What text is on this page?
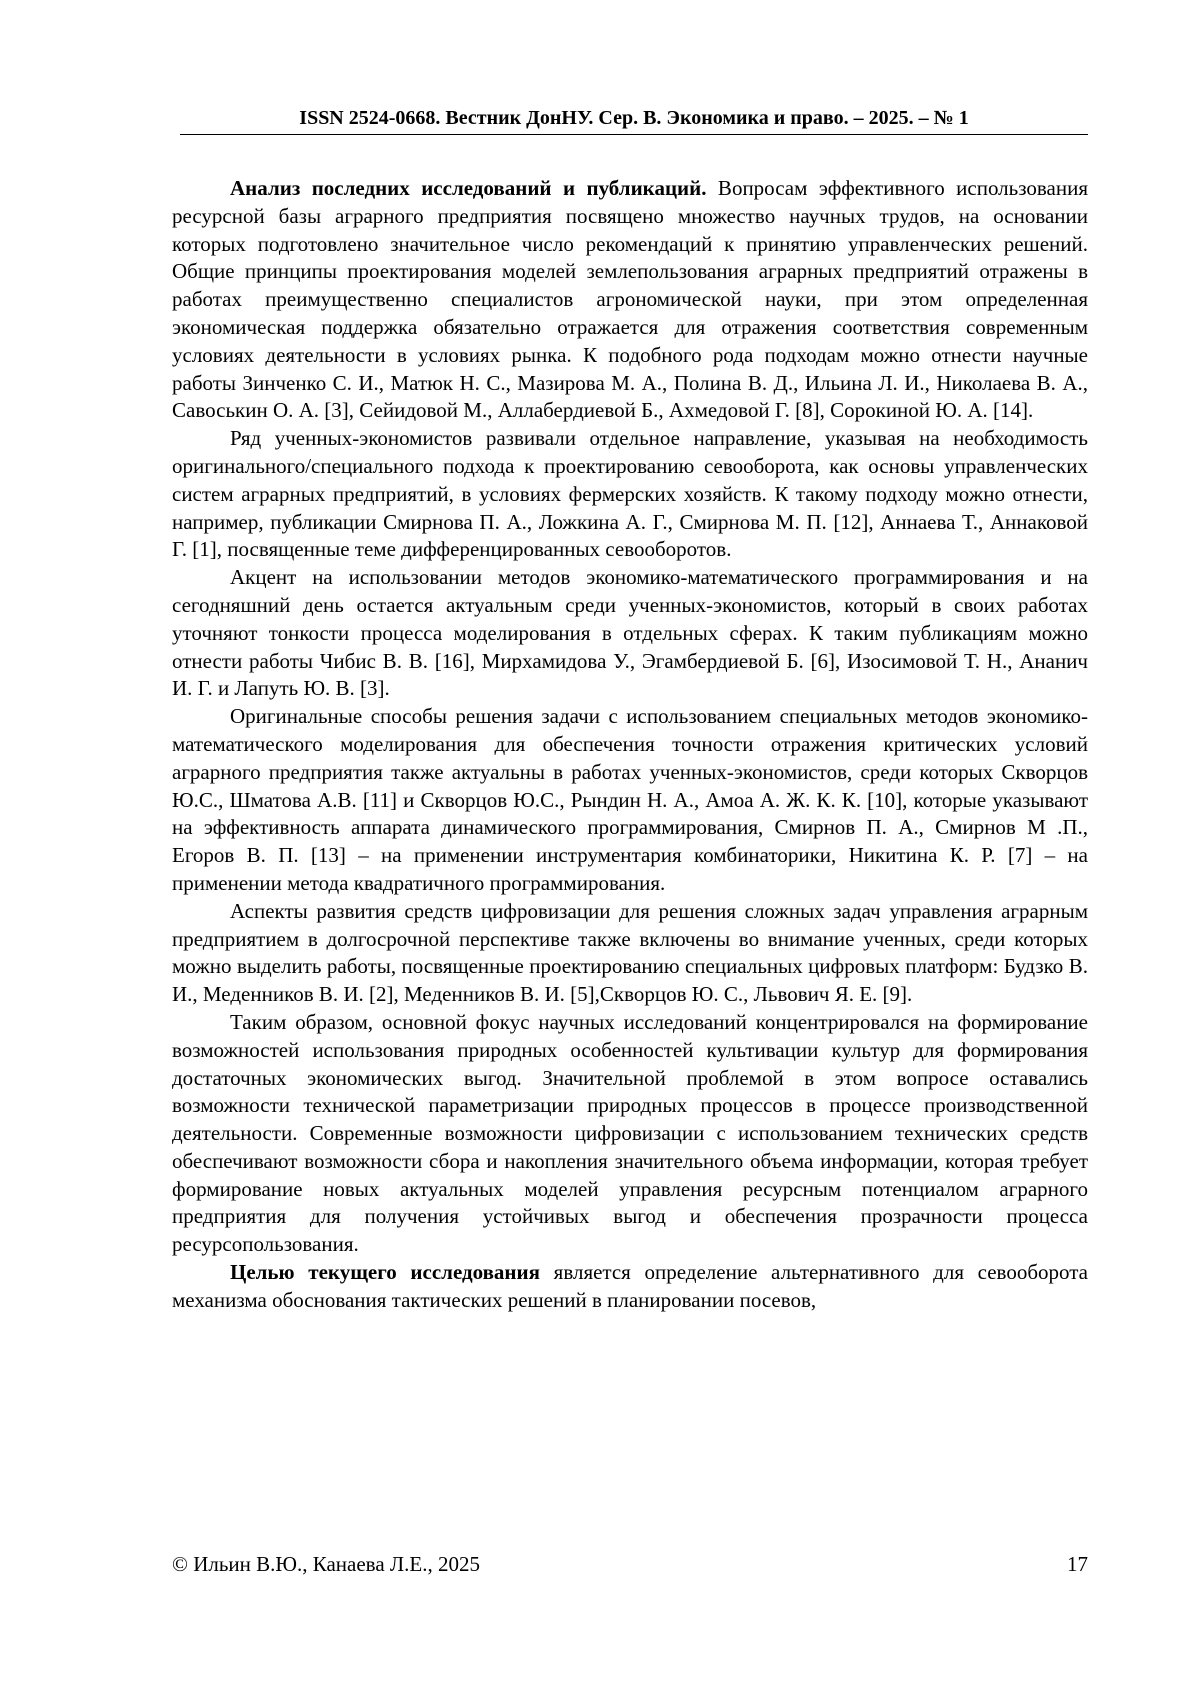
ISSN 2524-0668. Вестник ДонНУ. Сер. В. Экономика и право. – 2025. – № 1

Анализ последних исследований и публикаций. Вопросам эффективного использования ресурсной базы аграрного предприятия посвящено множество научных трудов, на основании которых подготовлено значительное число рекомендаций к принятию управленческих решений. Общие принципы проектирования моделей землепользования аграрных предприятий отражены в работах преимущественно специалистов агрономической науки, при этом определенная экономическая поддержка обязательно отражается для отражения соответствия современным условиях деятельности в условиях рынка. К подобного рода подходам можно отнести научные работы Зинченко С. И., Матюк Н. С., Мазирова М. А., Полина В. Д., Ильина Л. И., Николаева В. А., Савоськин О. А. [3], Сейидовой М., Аллабердиевой Б., Ахмедовой Г. [8], Сорокиной Ю. А. [14].

Ряд ученных-экономистов развивали отдельное направление, указывая на необходимость оригинального/специального подхода к проектированию севооборота, как основы управленческих систем аграрных предприятий, в условиях фермерских хозяйств. К такому подходу можно отнести, например, публикации Смирнова П. А., Ложкина А. Г., Смирнова М. П. [12], Аннаева Т., Аннаковой Г. [1], посвященные теме дифференцированных севооборотов.

Акцент на использовании методов экономико-математического программирования и на сегодняшний день остается актуальным среди ученных-экономистов, который в своих работах уточняют тонкости процесса моделирования в отдельных сферах. К таким публикациям можно отнести работы Чибис В. В. [16], Мирхамидова У., Эгамбердиевой Б. [6], Изосимовой Т. Н., Ананич И. Г. и Лапуть Ю. В. [3].

Оригинальные способы решения задачи с использованием специальных методов экономико-математического моделирования для обеспечения точности отражения критических условий аграрного предприятия также актуальны в работах ученных-экономистов, среди которых Скворцов Ю.С., Шматова А.В. [11] и Скворцов Ю.С., Рындин Н. А., Амоа А. Ж. К. К. [10], которые указывают на эффективность аппарата динамического программирования, Смирнов П. А., Смирнов М .П., Егоров В. П. [13] – на применении инструментария комбинаторики, Никитина К. Р. [7] – на применении метода квадратичного программирования.

Аспекты развития средств цифровизации для решения сложных задач управления аграрным предприятием в долгосрочной перспективе также включены во внимание ученных, среди которых можно выделить работы, посвященные проектированию специальных цифровых платформ: Будзко В. И., Меденников В. И. [2], Меденников В. И. [5],Скворцов Ю. С., Львович Я. Е. [9].

Таким образом, основной фокус научных исследований концентрировался на формирование возможностей использования природных особенностей культивации культур для формирования достаточных экономических выгод. Значительной проблемой в этом вопросе оставались возможности технической параметризации природных процессов в процессе производственной деятельности. Современные возможности цифровизации с использованием технических средств обеспечивают возможности сбора и накопления значительного объема информации, которая требует формирование новых актуальных моделей управления ресурсным потенциалом аграрного предприятия для получения устойчивых выгод и обеспечения прозрачности процесса ресурсопользования.

Целью текущего исследования является определение альтернативного для севооборота механизма обоснования тактических решений в планировании посевов,

© Ильин В.Ю., Канаева Л.Е., 2025	17
